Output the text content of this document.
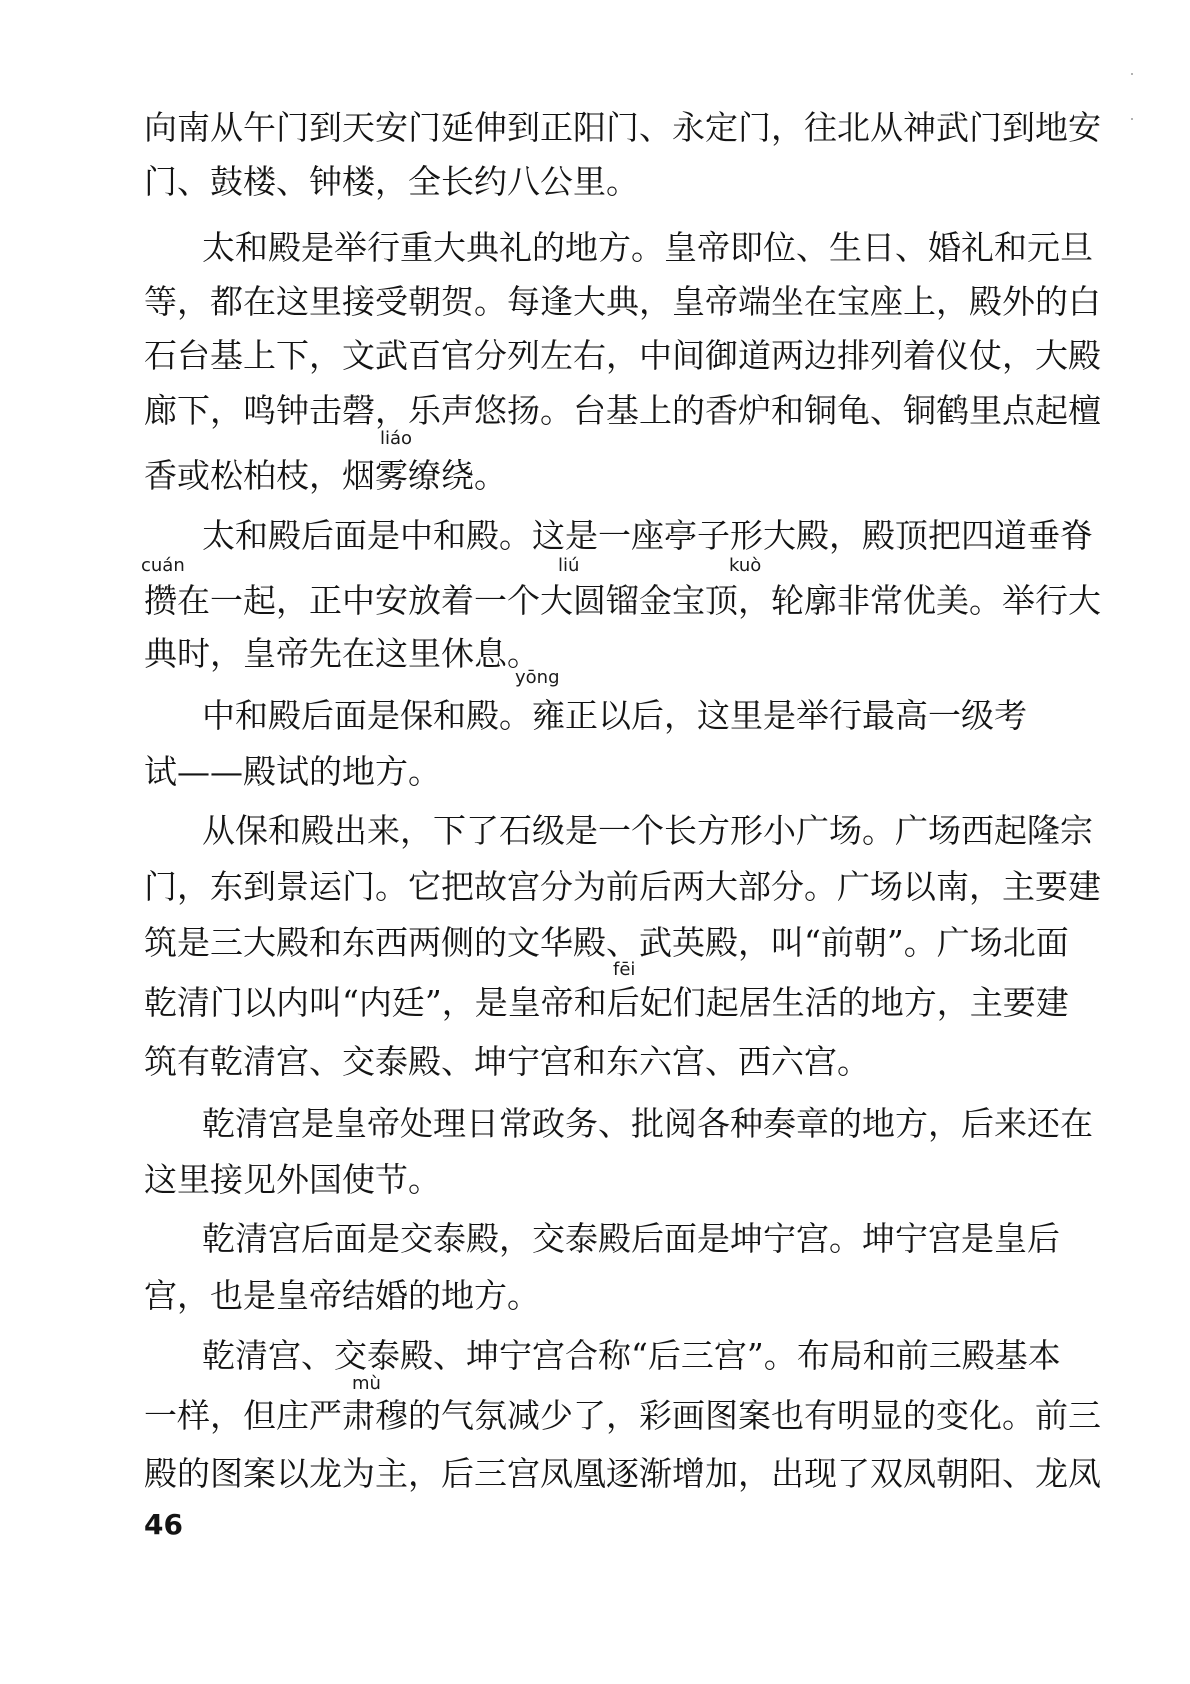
向南从午门到天安门延伸到正阳门、永定门，往北从神武门到地安
门、鼓楼、钟楼，全长约八公里。
太和殿是举行重大典礼的地方。皇帝即位、生日、婚礼和元旦
等，都在这里接受朝贺。每逢大典，皇帝端坐在宝座上，殿外的白
石台基上下，文武百官分列左右，中间御道两边排列着仪仗，大殿
廊下，鸣钟击磬，乐声悠扬。台基上的香炉和铜龟、铜鹤里点起檀
liáo
香或松柏枝，烟雾缭绕。
太和殿后面是中和殿。这是一座亭子形大殿，殿顶把四道垂脊
cuán	liú	kuò
攒在一起，正中安放着一个大圆镏金宝顶，轮廓非常优美。举行大
典时，皇帝先在这里休息。
yōng
中和殿后面是保和殿。雍正以后，这里是举行最高一级考
试——殿试的地方。
从保和殿出来，下了石级是一个长方形小广场。广场西起隆宗
门，东到景运门。它把故宫分为前后两大部分。广场以南，主要建
筑是三大殿和东西两侧的文华殿、武英殿，叫“前朝”。广场北面
fēi
乾清门以内叫“内廷”，是皇帝和后妃们起居生活的地方，主要建
筑有乾清宫、交泰殿、坤宁宫和东六宫、西六宫。
乾清宫是皇帝处理日常政务、批阅各种奏章的地方，后来还在
这里接见外国使节。
乾清宫后面是交泰殿，交泰殿后面是坤宁宫。坤宁宫是皇后
宫，也是皇帝结婚的地方。
乾清宫、交泰殿、坤宁宫合称“后三宫”。布局和前三殿基本
mù
一样，但庄严肃穆的气氛减少了，彩画图案也有明显的变化。前三
殿的图案以龙为主，后三宫凤凰逐渐增加，出现了双凤朝阳、龙凤
46
